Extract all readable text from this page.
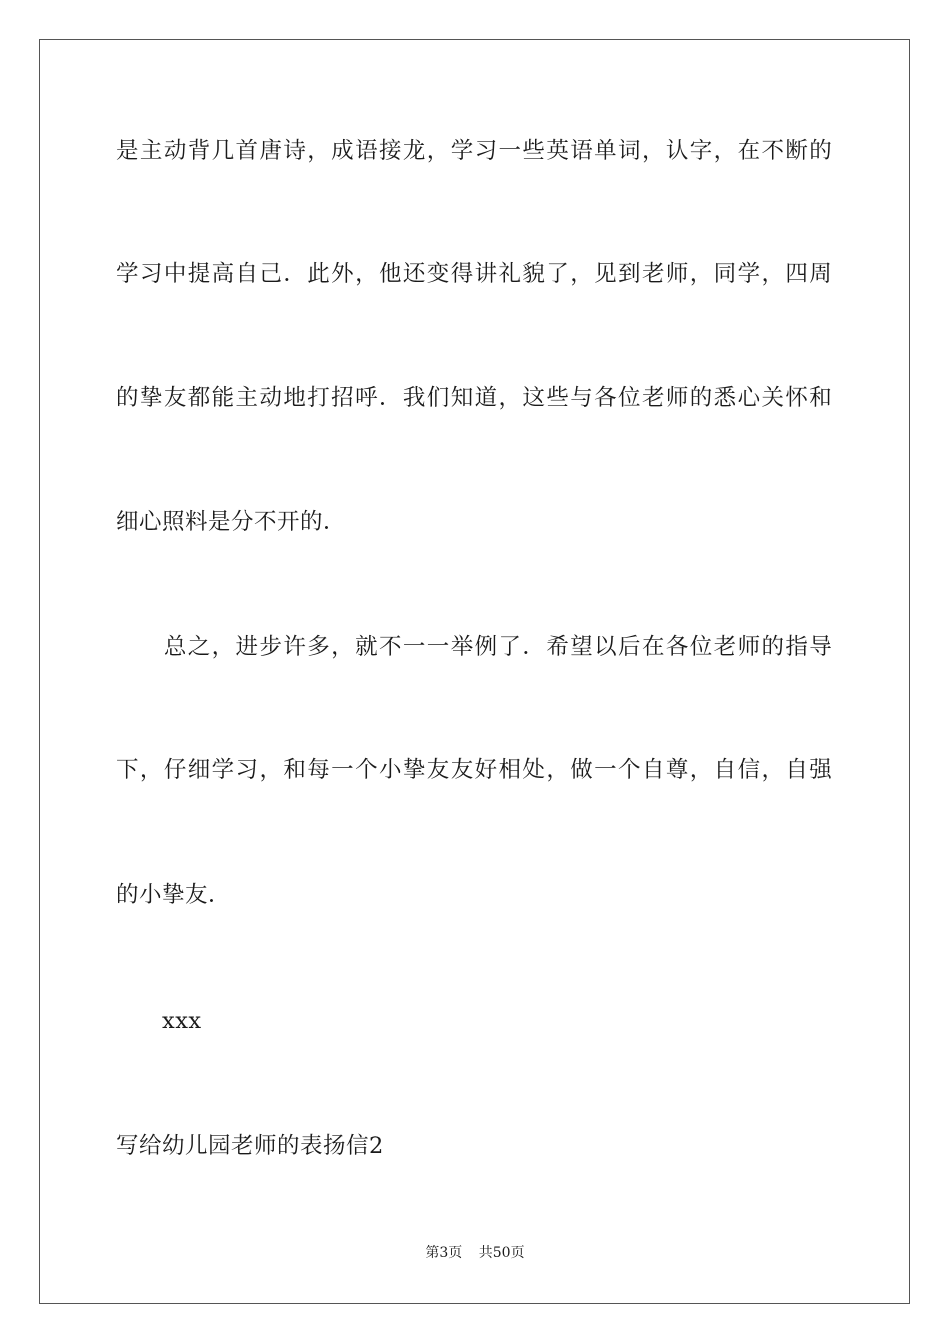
是 主 动 背 几 首 唐 诗 ， 成 语 接 龙 ， 学 习 一 些 英 语 单 词 ， 认 字 ， 在 不 断 的
学 习 中 提 高 自 己 ． 此 外 ， 他 还 变 得 讲 礼 貌 了 ， 见 到 老 师 ， 同 学 ， 四 周
的 挚 友 都 能 主 动 地 打 招 呼 ． 我 们 知 道 ， 这 些 与 各 位 老 师 的 悉 心 关 怀 和
细心照料是分不开的．

总 之 ， 进 步 许 多 ， 就 不 一 一 举 例 了 ． 希 望 以 后 在 各 位 老 师 的 指 导
下 ， 仔 细 学 习 ， 和 每 一 个 小 挚 友 友 好 相 处 ， 做 一 个 自 尊 ， 自 信 ， 自 强
的小挚友．
　　xxx
写给幼儿园老师的表扬信2
第3页 共50页
